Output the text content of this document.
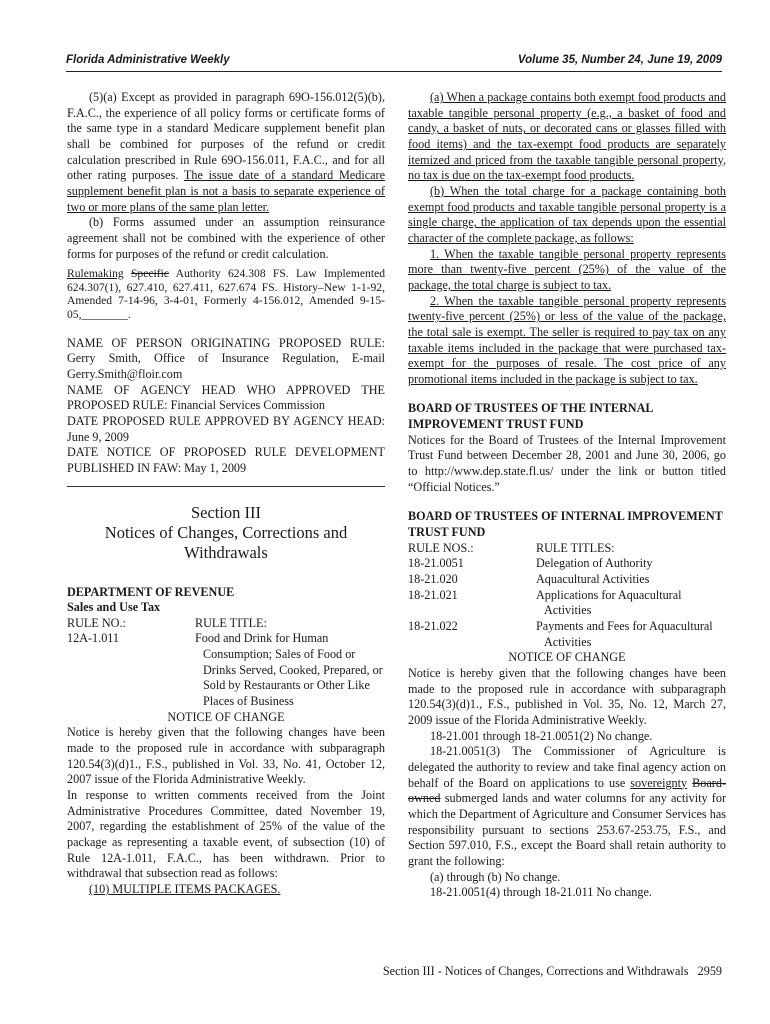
Florida Administrative Weekly	Volume 35, Number 24, June 19, 2009

(5)(a) Except as provided in paragraph 69O-156.012(5)(b), F.A.C., the experience of all policy forms or certificate forms of the same type in a standard Medicare supplement benefit plan shall be combined for purposes of the refund or credit calculation prescribed in Rule 69O-156.011, F.A.C., and for all other rating purposes. The issue date of a standard Medicare supplement benefit plan is not a basis to separate experience of two or more plans of the same plan letter.

(b) Forms assumed under an assumption reinsurance agreement shall not be combined with the experience of other forms for purposes of the refund or credit calculation.

Rulemaking Specific Authority 624.308 FS. Law Implemented 624.307(1), 627.410, 627.411, 627.674 FS. History–New 1-1-92, Amended 7-14-96, 3-4-01, Formerly 4-156.012, Amended 9-15-05,________.

NAME OF PERSON ORIGINATING PROPOSED RULE: Gerry Smith, Office of Insurance Regulation, E-mail Gerry.Smith@floir.com

NAME OF AGENCY HEAD WHO APPROVED THE PROPOSED RULE: Financial Services Commission

DATE PROPOSED RULE APPROVED BY AGENCY HEAD: June 9, 2009

DATE NOTICE OF PROPOSED RULE DEVELOPMENT PUBLISHED IN FAW: May 1, 2009

Section III
Notices of Changes, Corrections and
Withdrawals

DEPARTMENT OF REVENUE

Sales and Use Tax

RULE NO.:	RULE TITLE:
12A-1.011	Food and Drink for Human Consumption; Sales of Food or Drinks Served, Cooked, Prepared, or Sold by Restaurants or Other Like Places of Business

NOTICE OF CHANGE

Notice is hereby given that the following changes have been made to the proposed rule in accordance with subparagraph 120.54(3)(d)1., F.S., published in Vol. 33, No. 41, October 12, 2007 issue of the Florida Administrative Weekly.

In response to written comments received from the Joint Administrative Procedures Committee, dated November 19, 2007, regarding the establishment of 25% of the value of the package as representing a taxable event, of subsection (10) of Rule 12A-1.011, F.A.C., has been withdrawn. Prior to withdrawal that subsection read as follows:

(10) MULTIPLE ITEMS PACKAGES.

(a) When a package contains both exempt food products and taxable tangible personal property (e.g., a basket of food and candy, a basket of nuts, or decorated cans or glasses filled with food items) and the tax-exempt food products are separately itemized and priced from the taxable tangible personal property, no tax is due on the tax-exempt food products.

(b) When the total charge for a package containing both exempt food products and taxable tangible personal property is a single charge, the application of tax depends upon the essential character of the complete package, as follows:

1. When the taxable tangible personal property represents more than twenty-five percent (25%) of the value of the package, the total charge is subject to tax.

2. When the taxable tangible personal property represents twenty-five percent (25%) or less of the value of the package, the total sale is exempt. The seller is required to pay tax on any taxable items included in the package that were purchased tax-exempt for the purposes of resale. The cost price of any promotional items included in the package is subject to tax.

BOARD OF TRUSTEES OF THE INTERNAL IMPROVEMENT TRUST FUND

Notices for the Board of Trustees of the Internal Improvement Trust Fund between December 28, 2001 and June 30, 2006, go to http://www.dep.state.fl.us/ under the link or button titled “Official Notices.”

BOARD OF TRUSTEES OF INTERNAL IMPROVEMENT TRUST FUND

RULE NOS.:	RULE TITLES:
18-21.0051	Delegation of Authority
18-21.020	Aquacultural Activities
18-21.021	Applications for Aquacultural Activities
18-21.022	Payments and Fees for Aquacultural Activities

NOTICE OF CHANGE

Notice is hereby given that the following changes have been made to the proposed rule in accordance with subparagraph 120.54(3)(d)1., F.S., published in Vol. 35, No. 12, March 27, 2009 issue of the Florida Administrative Weekly.

18-21.001 through 18-21.0051(2) No change.

18-21.0051(3) The Commissioner of Agriculture is delegated the authority to review and take final agency action on behalf of the Board on applications to use sovereignty Board-owned submerged lands and water columns for any activity for which the Department of Agriculture and Consumer Services has responsibility pursuant to sections 253.67-253.75, F.S., and Section 597.010, F.S., except the Board shall retain authority to grant the following:

(a) through (b) No change.

18-21.0051(4) through 18-21.011 No change.

Section III - Notices of Changes, Corrections and Withdrawals 2959
